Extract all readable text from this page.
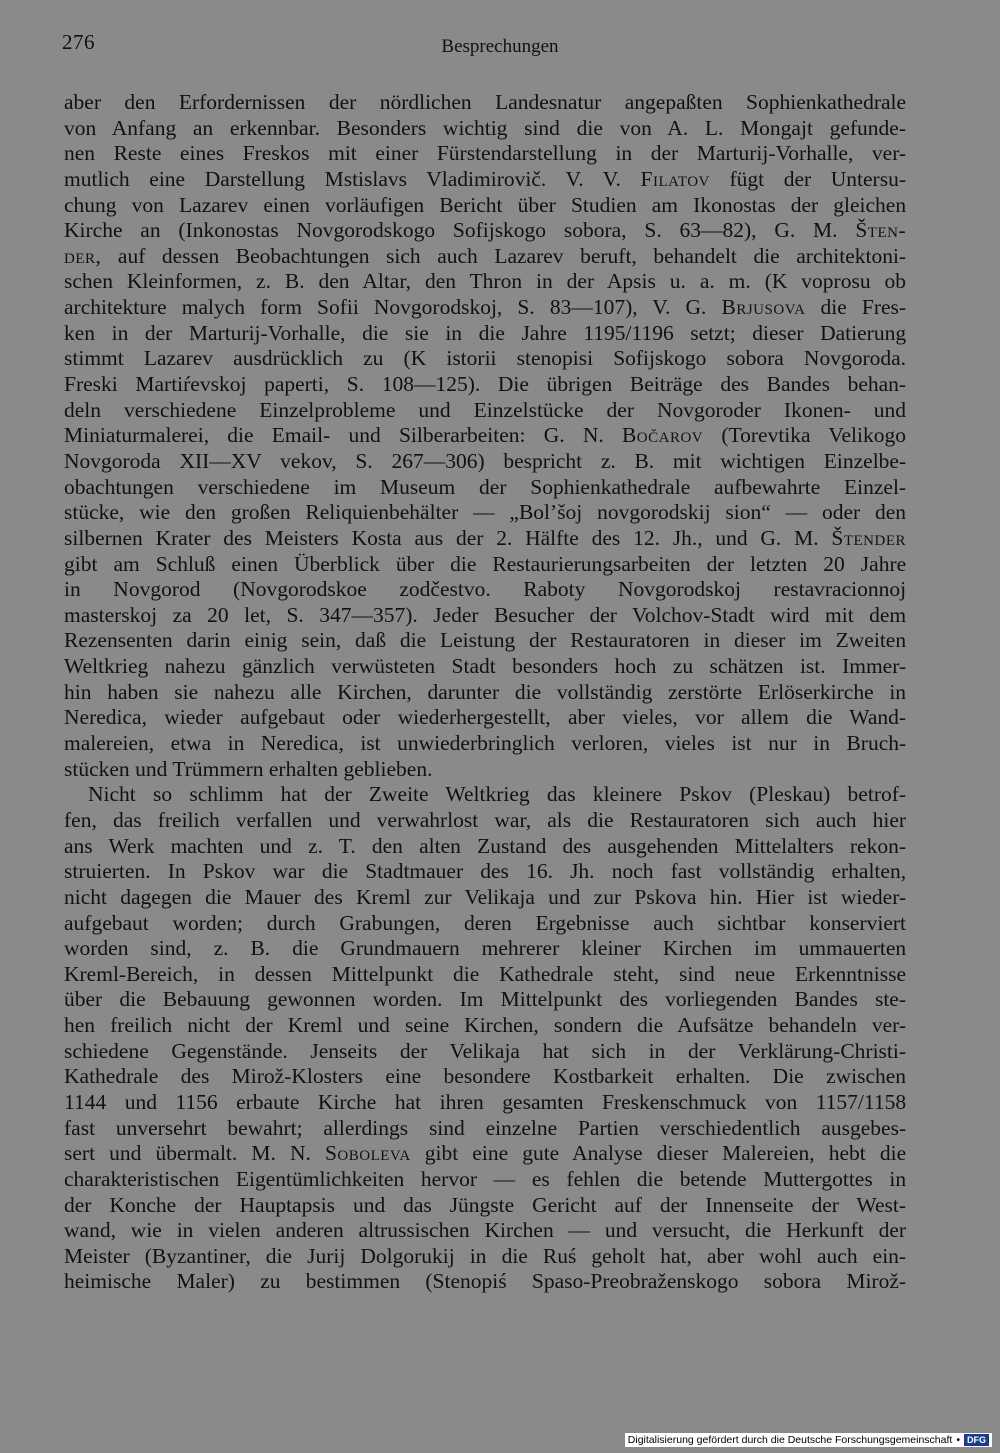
276	Besprechungen
aber den Erfordernissen der nördlichen Landesnatur angepaßten Sophienkathedrale
von Anfang an erkennbar. Besonders wichtig sind die von A. L. Mongajt gefunde-
nen Reste eines Freskos mit einer Fürstendarstellung in der Marturij-Vorhalle, ver-
mutlich eine Darstellung Mstislavs Vladimirovič. V. V. Filatov fügt der Untersu-
chung von Lazarev einen vorläufigen Bericht über Studien am Ikonostas der gleichen
Kirche an (Inkonostas Novgorodskogo Sofijskogo sobora, S. 63—82), G. M. Šten-
der, auf dessen Beobachtungen sich auch Lazarev beruft, behandelt die architektoni-
schen Kleinformen, z. B. den Altar, den Thron in der Apsis u. a. m. (K voprosu ob
architekture malych form Sofii Novgorodskoj, S. 83—107), V. G. Brjusova die Fres-
ken in der Marturij-Vorhalle, die sie in die Jahre 1195/1196 setzt; dieser Datierung
stimmt Lazarev ausdrücklich zu (K istorii stenopisi Sofijskogo sobora Novgoroda.
Freski Martiŕevskoj paperti, S. 108—125). Die übrigen Beiträge des Bandes behan-
deln verschiedene Einzelprobleme und Einzelstücke der Novgoroder Ikonen- und
Miniaturmalerei, die Email- und Silberarbeiten: G. N. Bočarov (Torevtika Velikogo
Novgoroda XII—XV vekov, S. 267—306) bespricht z. B. mit wichtigen Einzelbe-
obachtungen verschiedene im Museum der Sophienkathedrale aufbewahrte Einzel-
stücke, wie den großen Reliquienbehälter — „Bol’šoj novgorodskij sion“ — oder den
silbernen Krater des Meisters Kosta aus der 2. Hälfte des 12. Jh., und G. M. Štender
gibt am Schluß einen Überblick über die Restaurierungsarbeiten der letzten 20 Jahre
in Novgorod (Novgorodskoe zodčestvo. Raboty Novgorodskoj restavracionnoj
masterskoj za 20 let, S. 347—357). Jeder Besucher der Volchov-Stadt wird mit dem
Rezensenten darin einig sein, daß die Leistung der Restauratoren in dieser im Zweiten
Weltkrieg nahezu gänzlich verwüsteten Stadt besonders hoch zu schätzen ist. Immer-
hin haben sie nahezu alle Kirchen, darunter die vollständig zerstörte Erlöserkirche in
Neredica, wieder aufgebaut oder wiederhergestellt, aber vieles, vor allem die Wand-
malereien, etwa in Neredica, ist unwiederbringlich verloren, vieles ist nur in Bruch-
stücken und Trümmern erhalten geblieben.
Nicht so schlimm hat der Zweite Weltkrieg das kleinere Pskov (Pleskau) betrof-
fen, das freilich verfallen und verwahrlost war, als die Restauratoren sich auch hier
ans Werk machten und z. T. den alten Zustand des ausgehenden Mittelalters rekon-
struierten. In Pskov war die Stadtmauer des 16. Jh. noch fast vollständig erhalten,
nicht dagegen die Mauer des Kreml zur Velikaja und zur Pskova hin. Hier ist wieder-
aufgebaut worden; durch Grabungen, deren Ergebnisse auch sichtbar konserviert
worden sind, z. B. die Grundmauern mehrerer kleiner Kirchen im ummauerten
Kreml-Bereich, in dessen Mittelpunkt die Kathedrale steht, sind neue Erkenntnisse
über die Bebauung gewonnen worden. Im Mittelpunkt des vorliegenden Bandes ste-
hen freilich nicht der Kreml und seine Kirchen, sondern die Aufsätze behandeln ver-
schiedene Gegenstände. Jenseits der Velikaja hat sich in der Verklärung-Christi-
Kathedrale des Mirož-Klosters eine besondere Kostbarkeit erhalten. Die zwischen
1144 und 1156 erbaute Kirche hat ihren gesamten Freskenschmuck von 1157/1158
fast unversehrt bewahrt; allerdings sind einzelne Partien verschiedentlich ausgebes-
sert und übermalt. M. N. Soboleva gibt eine gute Analyse dieser Malereien, hebt die
charakteristischen Eigentümlichkeiten hervor — es fehlen die betende Muttergottes in
der Konche der Hauptapsis und das Jüngste Gericht auf der Innenseite der West-
wand, wie in vielen anderen altrussischen Kirchen — und versucht, die Herkunft der
Meister (Byzantiner, die Jurij Dolgorukij in die Ruś geholt hat, aber wohl auch ein-
heimische Maler) zu bestimmen (Stenopiś Spaso-Preobraženskogo sobora Mirož-
Digitalisierung gefördert durch die Deutsche Forschungsgemeinschaft • DFG
